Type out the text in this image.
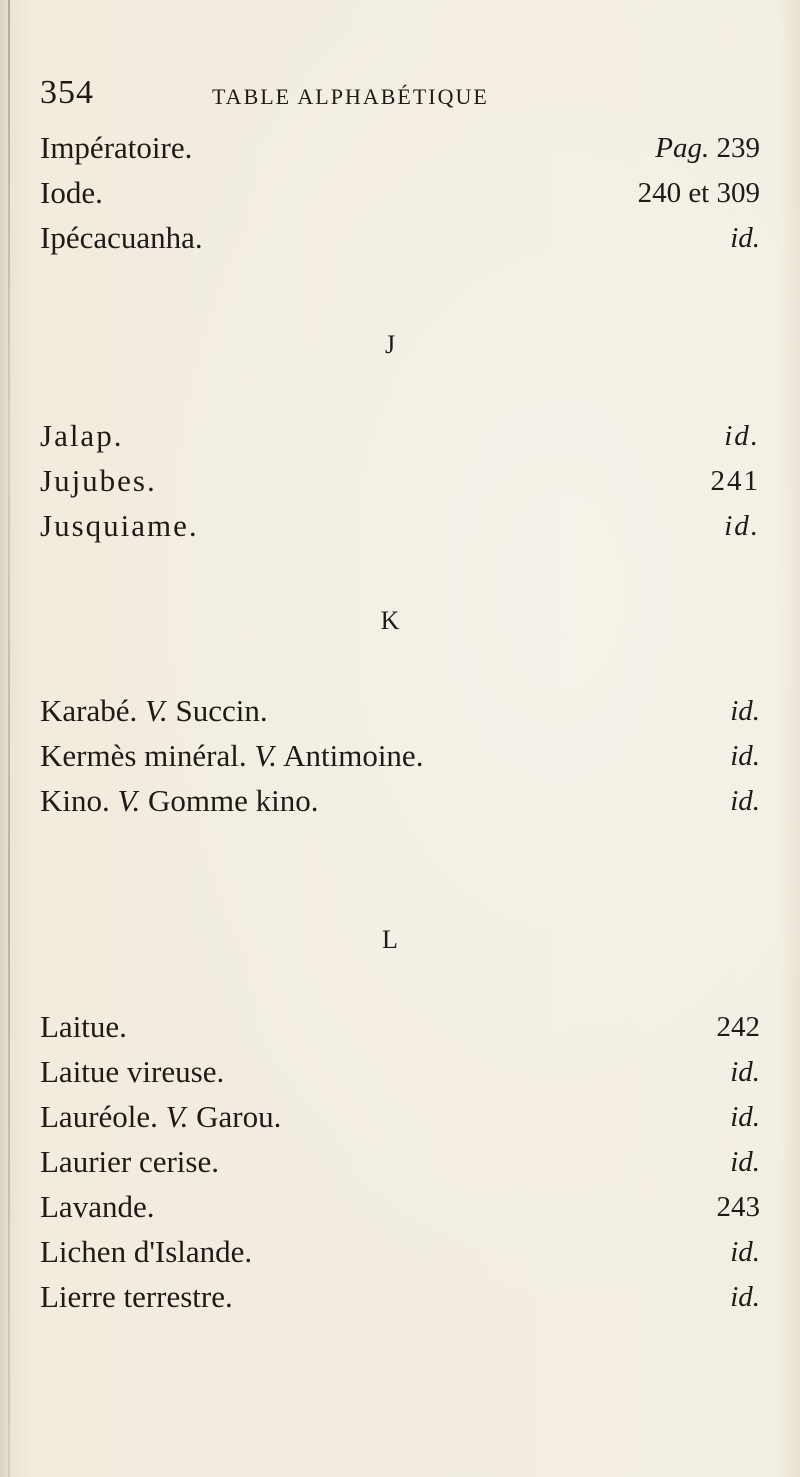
354	TABLE ALPHABÉTIQUE
Impératoire.	Pag. 239
Iode.	240 et 309
Ipécacuanha.	id.
J
Jalap.	id.
Jujubes.	241
Jusquiame.	id.
K
Karabé. V. Succin.	id.
Kermès minéral. V. Antimoine.	id.
Kino. V. Gomme kino.	id.
L
Laitue.	242
Laitue vireuse.	id.
Lauréole. V. Garou.	id.
Laurier cerise.	id.
Lavande.	243
Lichen d'Islande.	id.
Lierre terrestre.	id.
